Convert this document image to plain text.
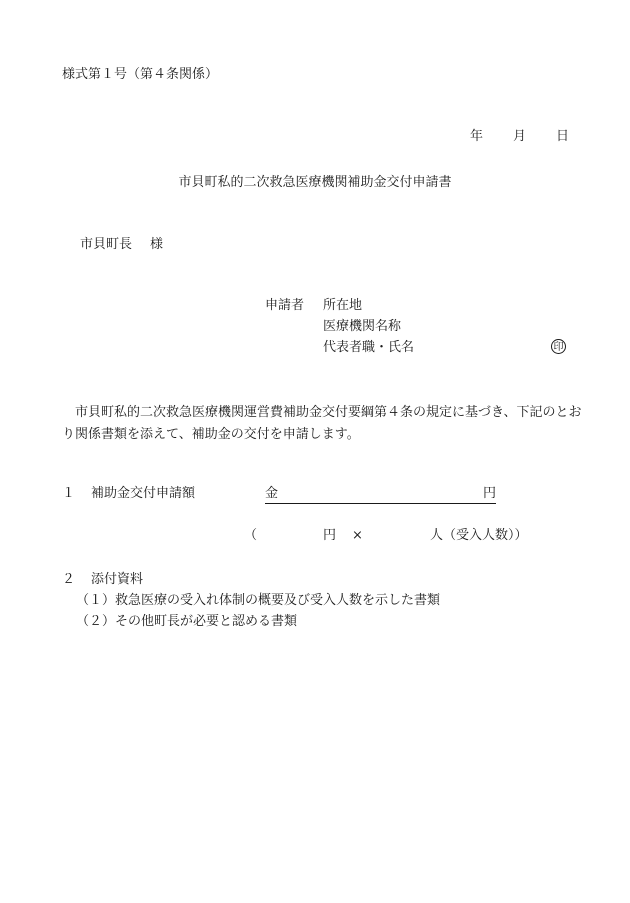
様式第１号（第４条関係）
年 月 日
市貝町私的二次救急医療機関補助金交付申請書
市貝町長 様
申請者 所在地
医療機関名称
代表者職・氏名	印
市貝町私的二次救急医療機関運営費補助金交付要綱第４条の規定に基づき、下記のとおり関係書類を添えて、補助金の交付を申請します。
１ 補助金交付申請額	金	円
（	円 ×	人（受入人数））
２ 添付資料
（１）救急医療の受入れ体制の概要及び受入人数を示した書類
（２）その他町長が必要と認める書類
